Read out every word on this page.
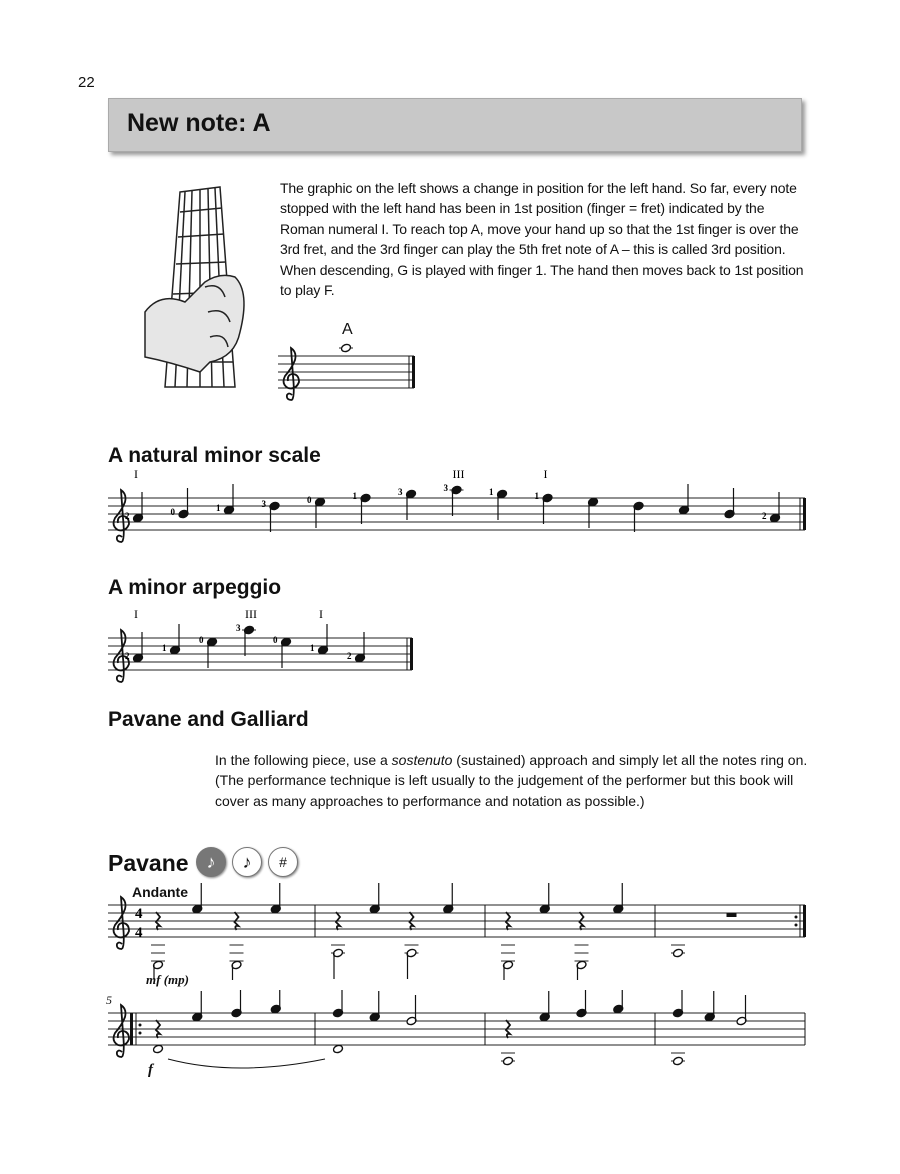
22
New note: A
The graphic on the left shows a change in position for the left hand. So far, every note stopped with the left hand has been in 1st position (finger = fret) indicated by the Roman numeral I. To reach top A, move your hand up so that the 1st finger is over the 3rd fret, and the 3rd finger can play the 5th fret note of A – this is called 3rd position. When descending, G is played with finger 1. The hand then moves back to 1st position to play F.
A
A natural minor scale
2	0	1	3	0	1	3	3	1	1
2
I	III	I
A minor arpeggio
2
1
0
3
0
1
2
I	III	I
Pavane and Galliard
In the following piece, use a sostenuto (sustained) approach and simply let all the notes ring on. (The performance technique is left usually to the judgement of the performer but this book will cover as many approaches to performance and notation as possible.)
Pavane ♪	♪	#
Andante
4
4
mf (mp)
5
f
